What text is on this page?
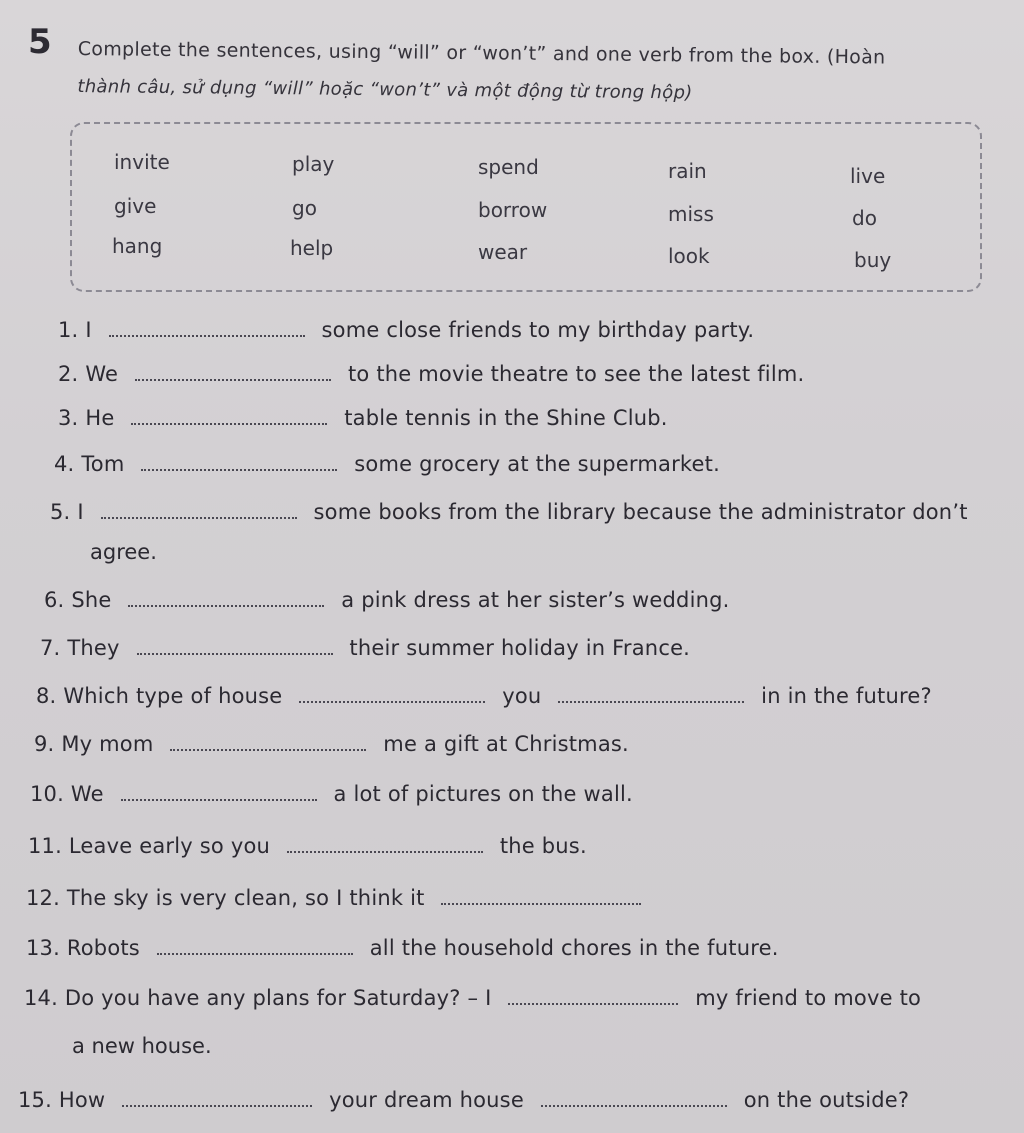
5 Complete the sentences, using “will” or “won’t” and one verb from the box. (Hoàn
thành câu, sử dụng “will” hoặc “won’t” và một động từ trong hộp)
invite	play	spend	rain	live
give	go	borrow	miss	do
hang	help	wear	look	buy
1. I	some close friends to my birthday party.
2. We	to the movie theatre to see the latest film.
3. He	table tennis in the Shine Club.
4. Tom	some grocery at the supermarket.
5. I	some books from the library because the administrator don’t
agree.
6. She	a pink dress at her sister’s wedding.
7. They	their summer holiday in France.
8. Which type of house	you	in in the future?
9. My mom	me a gift at Christmas.
10. We	a lot of pictures on the wall.
11. Leave early so you	the bus.
12. The sky is very clean, so I think it
13. Robots	all the household chores in the future.
14. Do you have any plans for Saturday? – I	my friend to move to
a new house.
15. How	your dream house	on the outside?
